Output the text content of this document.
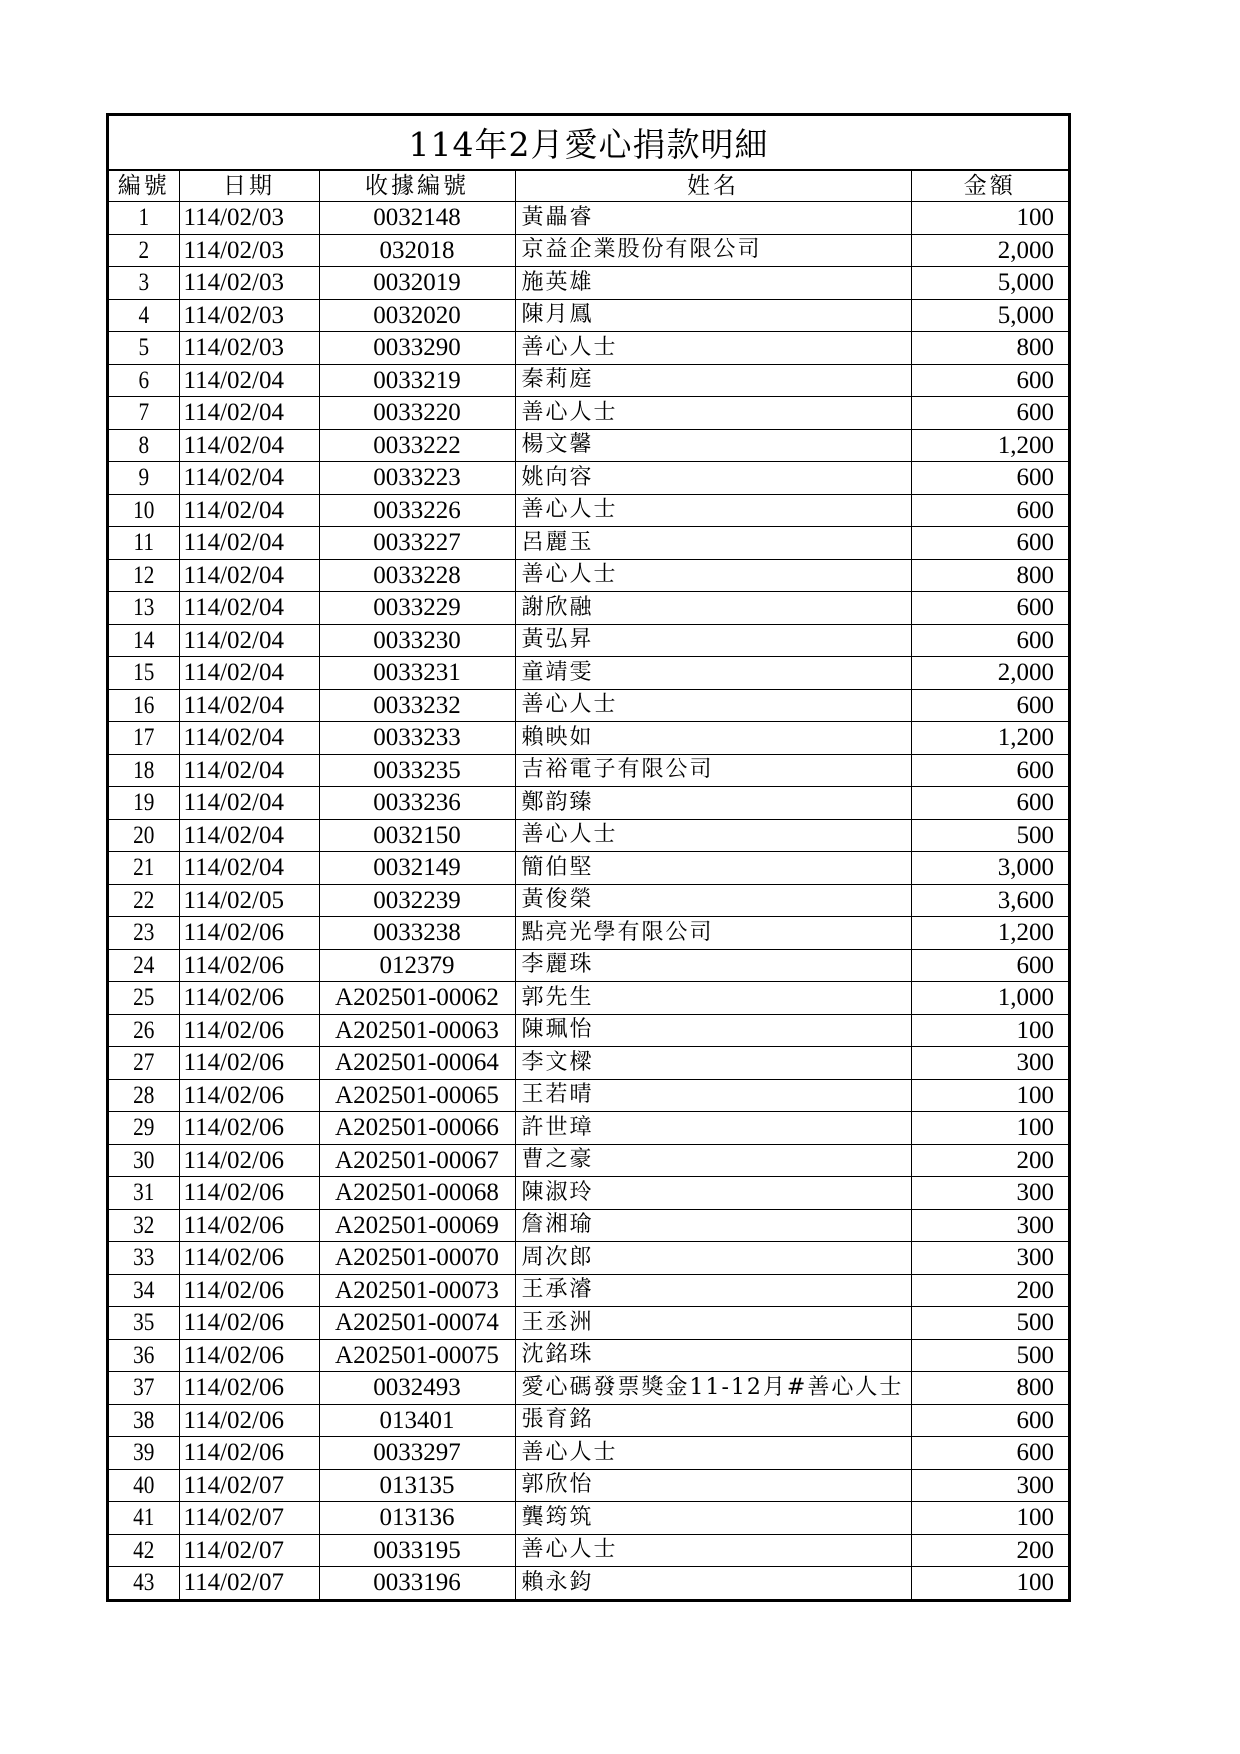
114年2月愛心捐款明細
編號	日期	收據編號	姓名	金額
1	114/02/03	0032148	黃畾睿	100
2	114/02/03	032018	京益企業股份有限公司	2,000
3	114/02/03	0032019	施英雄	5,000
4	114/02/03	0032020	陳月鳳	5,000
5	114/02/03	0033290	善心人士	800
6	114/02/04	0033219	秦莉庭	600
7	114/02/04	0033220	善心人士	600
8	114/02/04	0033222	楊文馨	1,200
9	114/02/04	0033223	姚向容	600
10	114/02/04	0033226	善心人士	600
11	114/02/04	0033227	呂麗玉	600
12	114/02/04	0033228	善心人士	800
13	114/02/04	0033229	謝欣融	600
14	114/02/04	0033230	黃弘昇	600
15	114/02/04	0033231	童靖雯	2,000
16	114/02/04	0033232	善心人士	600
17	114/02/04	0033233	賴映如	1,200
18	114/02/04	0033235	吉裕電子有限公司	600
19	114/02/04	0033236	鄭韵臻	600
20	114/02/04	0032150	善心人士	500
21	114/02/04	0032149	簡伯堅	3,000
22	114/02/05	0032239	黃俊榮	3,600
23	114/02/06	0033238	點亮光學有限公司	1,200
24	114/02/06	012379	李麗珠	600
25	114/02/06	A202501-00062	郭先生	1,000
26	114/02/06	A202501-00063	陳珮怡	100
27	114/02/06	A202501-00064	李文樑	300
28	114/02/06	A202501-00065	王若晴	100
29	114/02/06	A202501-00066	許世璋	100
30	114/02/06	A202501-00067	曹之豪	200
31	114/02/06	A202501-00068	陳淑玲	300
32	114/02/06	A202501-00069	詹湘瑜	300
33	114/02/06	A202501-00070	周次郎	300
34	114/02/06	A202501-00073	王承濬	200
35	114/02/06	A202501-00074	王丞洲	500
36	114/02/06	A202501-00075	沈銘珠	500
37	114/02/06	0032493	愛心碼發票獎金11-12月#善心人士	800
38	114/02/06	013401	張育銘	600
39	114/02/06	0033297	善心人士	600
40	114/02/07	013135	郭欣怡	300
41	114/02/07	013136	龔筠筑	100
42	114/02/07	0033195	善心人士	200
43	114/02/07	0033196	賴永鈞	100
